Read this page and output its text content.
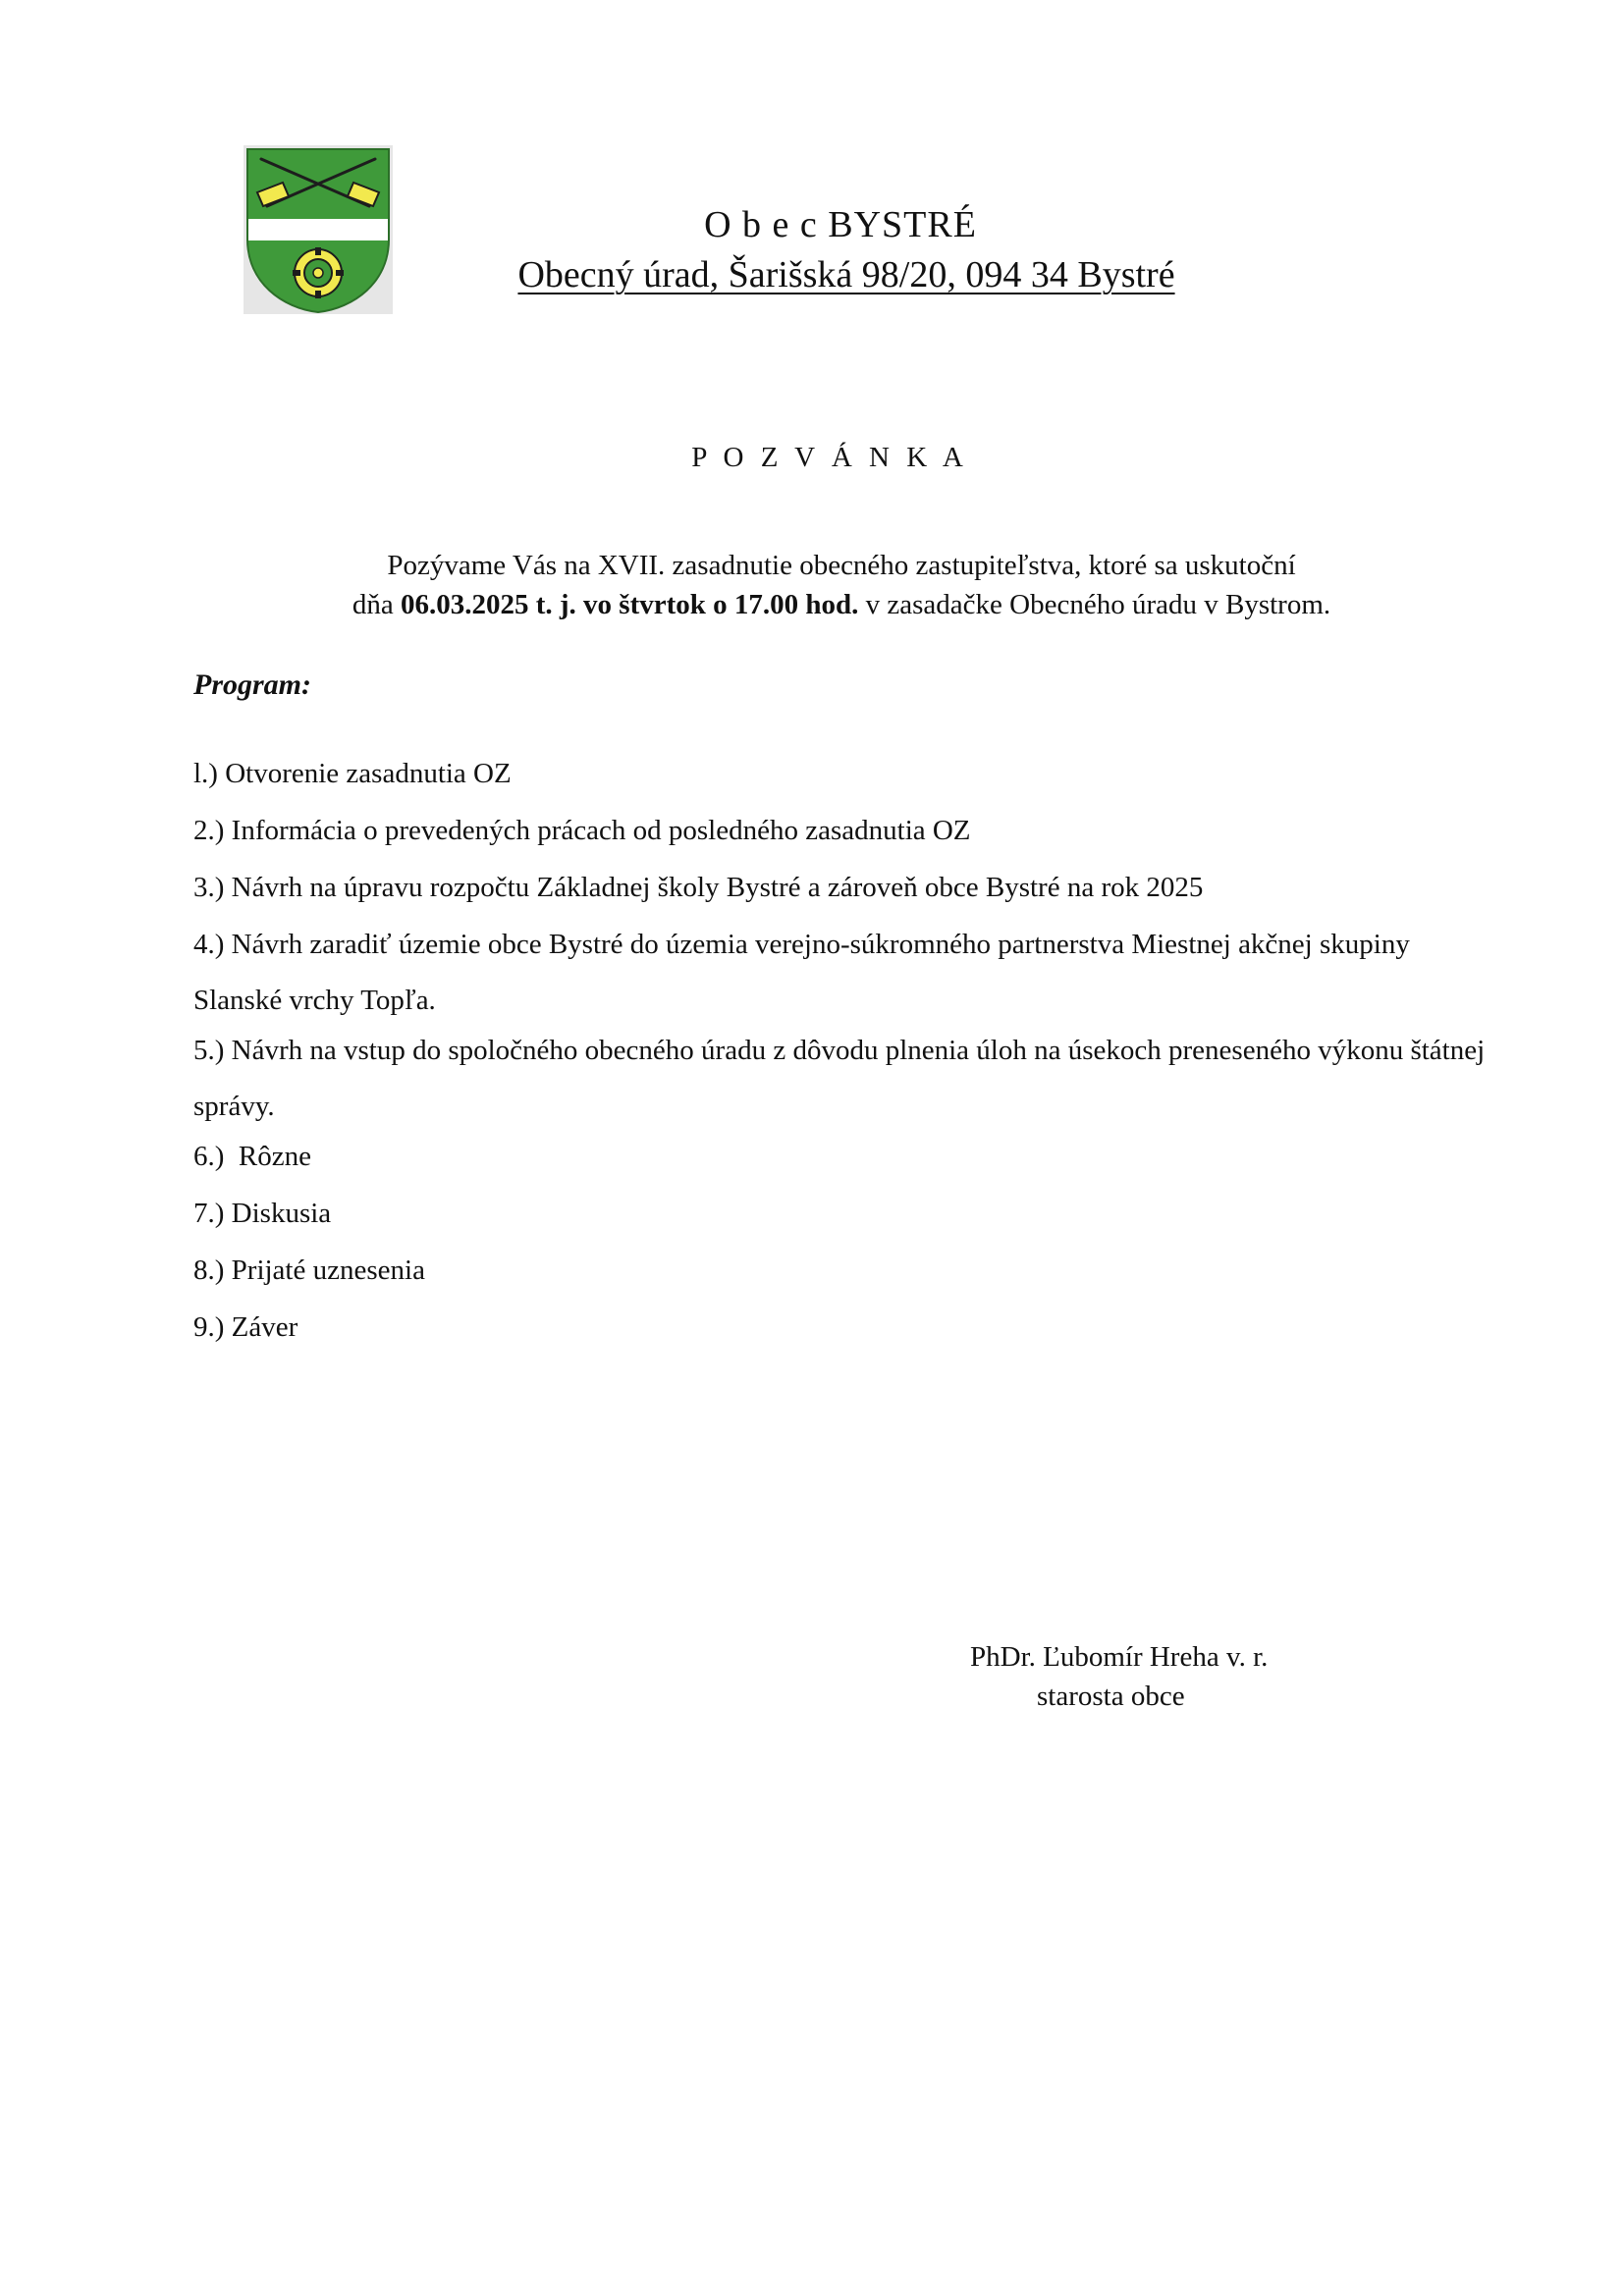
O b e c BYSTRÉ
Obecný úrad, Šarišská 98/20, 094 34 Bystré
P O Z V Á N K A
Pozývame Vás na XVII. zasadnutie obecného zastupiteľstva, ktoré sa uskutoční
dňa 06.03.2025 t. j. vo štvrtok o 17.00 hod. v zasadačke Obecného úradu v Bystrom.
Program:
l.) Otvorenie zasadnutia OZ
2.) Informácia o prevedených prácach od posledného zasadnutia OZ
3.) Návrh na úpravu rozpočtu Základnej školy Bystré a zároveň obce Bystré na rok 2025
4.) Návrh zaradiť územie obce Bystré do územia verejno-súkromného partnerstva Miestnej akčnej skupiny Slanské vrchy Topľa.
5.) Návrh na vstup do spoločného obecného úradu z dôvodu plnenia úloh na úsekoch preneseného výkonu štátnej správy.
6.)  Rôzne
7.) Diskusia
8.) Prijaté uznesenia
9.) Záver
PhDr. Ľubomír Hreha v. r.
starosta obce
